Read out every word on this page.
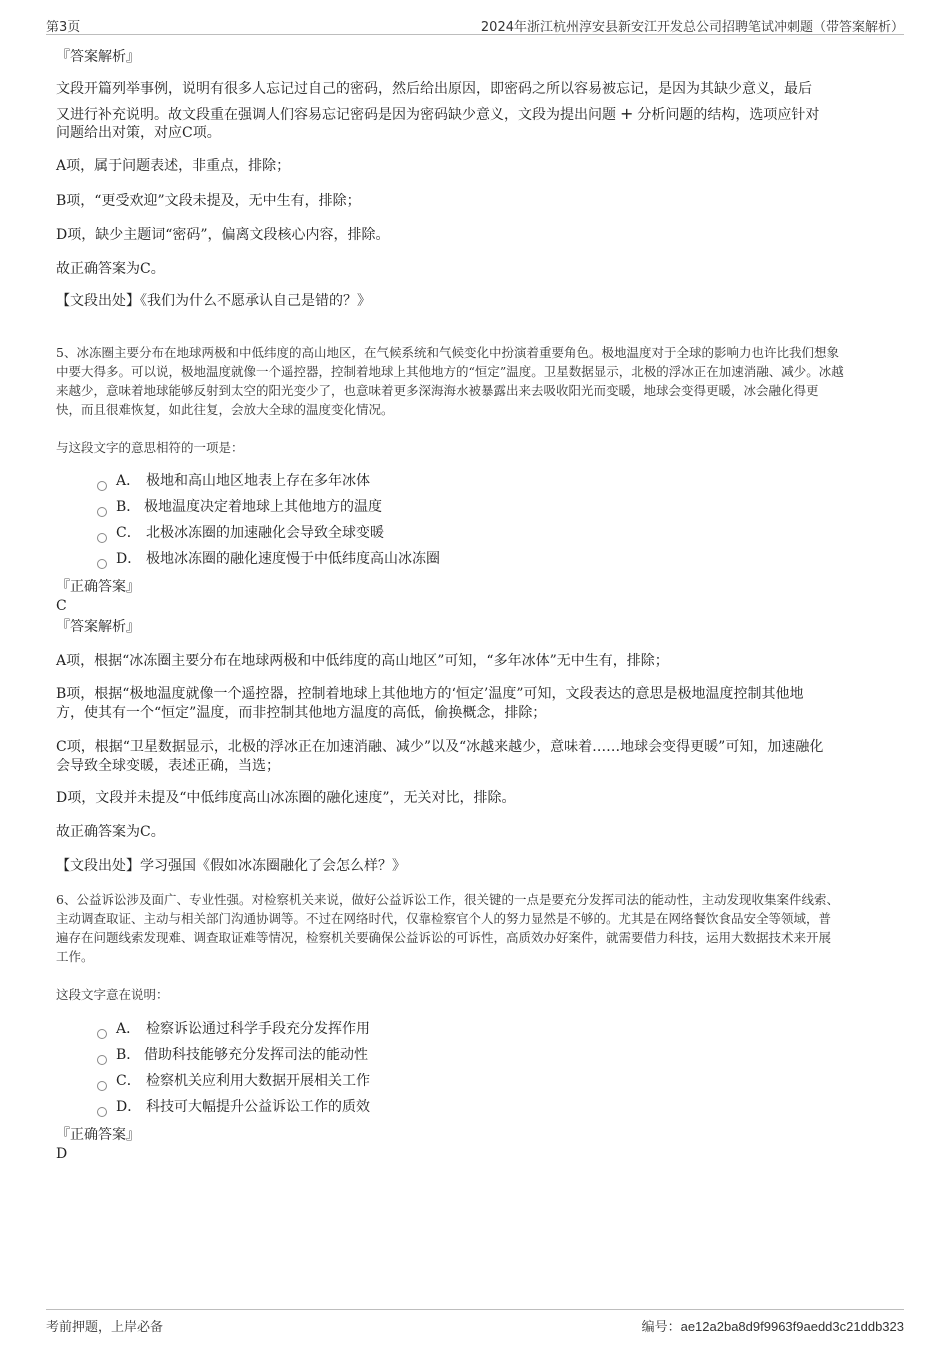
第3页	2024年浙江杭州淳安县新安江开发总公司招聘笔试冲刺题（带答案解析）
『答案解析』
文段开篇列举事例，说明有很多人忘记过自己的密码，然后给出原因，即密码之所以容易被忘记，是因为其缺少意义，最后
又进行补充说明。故文段重在强调人们容易忘记密码是因为密码缺少意义，文段为提出问题 + 分析问题的结构，选项应针对
问题给出对策，对应C项。
A项，属于问题表述，非重点，排除；
B项，“更受欢迎”文段未提及，无中生有，排除；
D项，缺少主题词“密码”，偏离文段核心内容，排除。
故正确答案为C。
【文段出处】《我们为什么不愿承认自己是错的？》
5、冰冻圈主要分布在地球两极和中低纬度的高山地区，在气候系统和气候变化中扮演着重要角色。极地温度对于全球的影响力也许比我们想象
中要大得多。可以说，极地温度就像一个遥控器，控制着地球上其他地方的“恒定”温度。卫星数据显示，北极的浮冰正在加速消融、减少。冰越
来越少，意味着地球能够反射到太空的阳光变少了，也意味着更多深海海水被暴露出来去吸收阳光而变暖，地球会变得更暖，冰会融化得更
快，而且很难恢复，如此往复，会放大全球的温度变化情况。
与这段文字的意思相符的一项是：
A． 极地和高山地区地表上存在多年冰体
B． 极地温度决定着地球上其他地方的温度
C． 北极冰冻圈的加速融化会导致全球变暖
D． 极地冰冻圈的融化速度慢于中低纬度高山冰冻圈
『正确答案』
C
『答案解析』
A项，根据“冰冻圈主要分布在地球两极和中低纬度的高山地区”可知，“多年冰体”无中生有，排除；
B项，根据“极地温度就像一个遥控器，控制着地球上其他地方的‘恒定’温度”可知，文段表达的意思是极地温度控制其他地
方，使其有一个“恒定”温度，而非控制其他地方温度的高低，偷换概念，排除；
C项，根据“卫星数据显示，北极的浮冰正在加速消融、减少”以及“冰越来越少，意味着……地球会变得更暖”可知，加速融化
会导致全球变暖，表述正确，当选；
D项，文段并未提及“中低纬度高山冰冻圈的融化速度”，无关对比，排除。
故正确答案为C。
【文段出处】学习强国《假如冰冻圈融化了会怎么样？》
6、公益诉讼涉及面广、专业性强。对检察机关来说，做好公益诉讼工作，很关键的一点是要充分发挥司法的能动性，主动发现收集案件线索、
主动调查取证、主动与相关部门沟通协调等。不过在网络时代，仅靠检察官个人的努力显然是不够的。尤其是在网络餐饮食品安全等领域，普
遍存在问题线索发现难、调查取证难等情况，检察机关要确保公益诉讼的可诉性，高质效办好案件，就需要借力科技，运用大数据技术来开展
工作。
这段文字意在说明：
A． 检察诉讼通过科学手段充分发挥作用
B． 借助科技能够充分发挥司法的能动性
C． 检察机关应利用大数据开展相关工作
D． 科技可大幅提升公益诉讼工作的质效
『正确答案』
D
考前押题，上岸必备	编号：ae12a2ba8d9f9963f9aedd3c21ddb323
